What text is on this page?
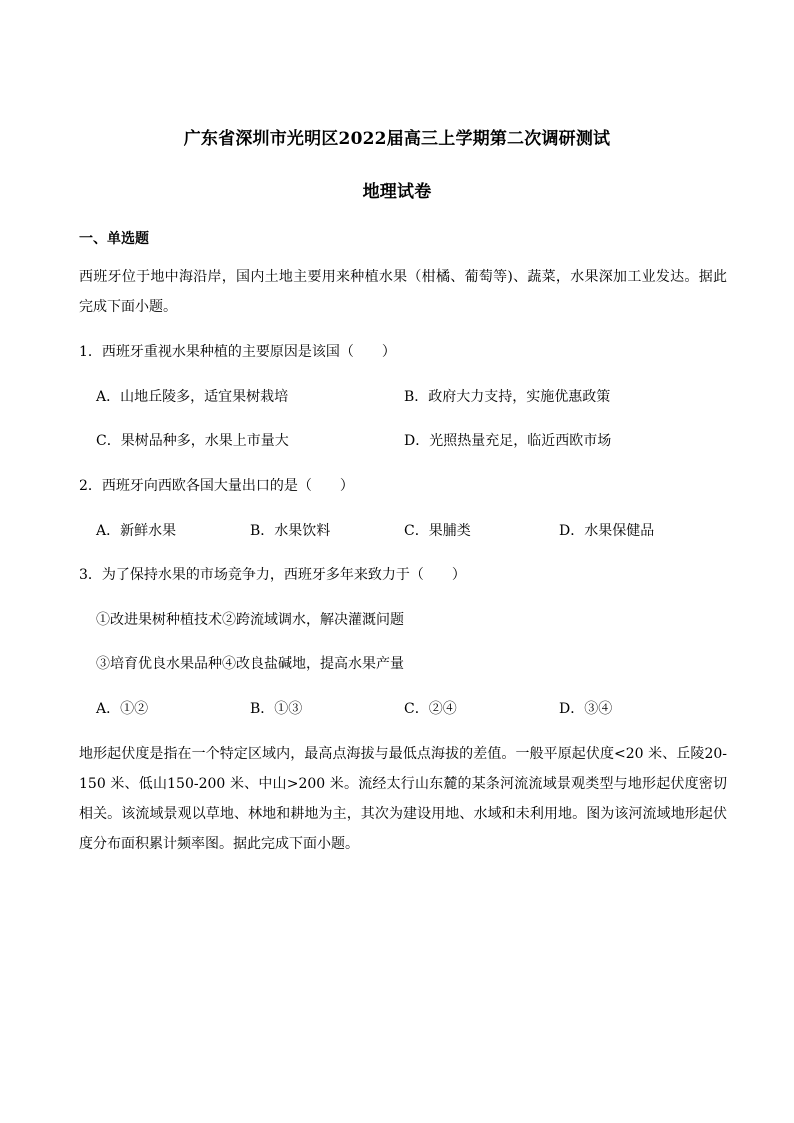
广东省深圳市光明区2022届高三上学期第二次调研测试
地理试卷
一、单选题
西班牙位于地中海沿岸，国内土地主要用来种植水果（柑橘、葡萄等)、蔬菜，水果深加工业发达。据此完成下面小题。
1．西班牙重视水果种植的主要原因是该国（　　）
A．山地丘陵多，适宜果树栽培	B．政府大力支持，实施优惠政策
C．果树品种多，水果上市量大	D．光照热量充足，临近西欧市场
2．西班牙向西欧各国大量出口的是（　　）
A．新鲜水果	B．水果饮料	C．果脯类	D．水果保健品
3．为了保持水果的市场竞争力，西班牙多年来致力于（　　）
①改进果树种植技术②跨流域调水，解决灌溉问题
③培育优良水果品种④改良盐碱地，提高水果产量
A．①②	B．①③	C．②④	D．③④
地形起伏度是指在一个特定区域内，最高点海拔与最低点海拔的差值。一般平原起伏度<20 米、丘陵20-150 米、低山150-200 米、中山>200 米。流经太行山东麓的某条河流流域景观类型与地形起伏度密切相关。该流域景观以草地、林地和耕地为主，其次为建设用地、水域和未利用地。图为该河流域地形起伏度分布面积累计频率图。据此完成下面小题。
